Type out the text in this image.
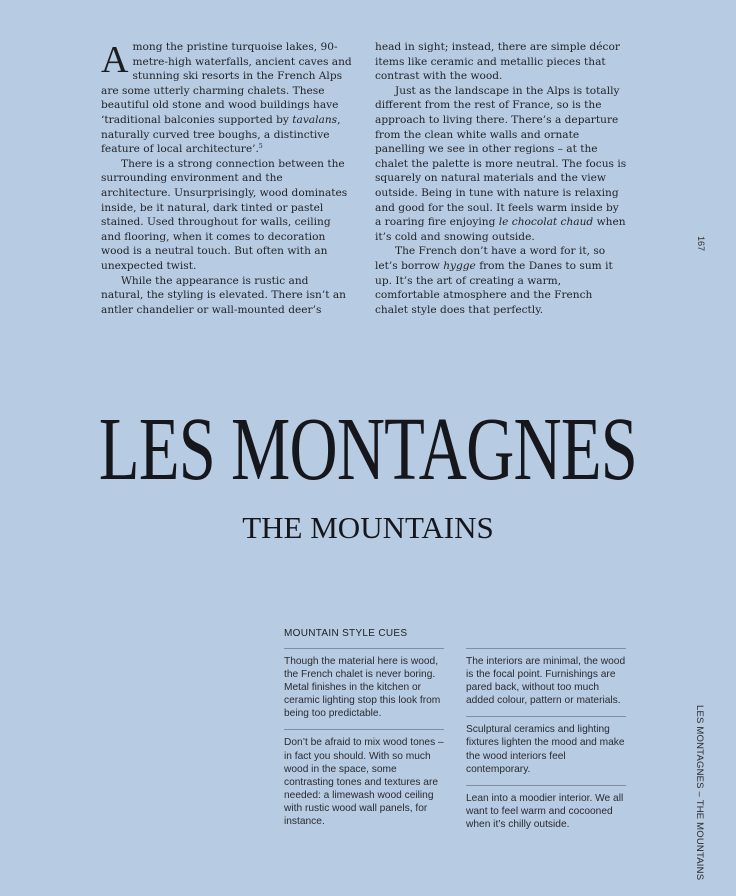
Among the pristine turquoise lakes, 90-metre-high waterfalls, ancient caves and stunning ski resorts in the French Alps are some utterly charming chalets. These beautiful old stone and wood buildings have ‘traditional balconies supported by tavalans, naturally curved tree boughs, a distinctive feature of local architecture’.$^5$

There is a strong connection between the surrounding environment and the architecture. Unsurprisingly, wood dominates inside, be it natural, dark tinted or pastel stained. Used throughout for walls, ceiling and flooring, when it comes to decoration wood is a neutral touch. But often with an unexpected twist.

While the appearance is rustic and natural, the styling is elevated. There isn’t an antler chandelier or wall-mounted deer’s

head in sight; instead, there are simple décor items like ceramic and metallic pieces that contrast with the wood.

Just as the landscape in the Alps is totally different from the rest of France, so is the approach to living there. There’s a departure from the clean white walls and ornate panelling we see in other regions – at the chalet the palette is more neutral. The focus is squarely on natural materials and the view outside. Being in tune with nature is relaxing and good for the soul. It feels warm inside by a roaring fire enjoying le chocolat chaud when it’s cold and snowing outside.

The French don’t have a word for it, so let’s borrow hygge from the Danes to sum it up. It’s the art of creating a warm, comfortable atmosphere and the French chalet style does that perfectly.

167
LES MONTAGNES
THE MOUNTAINS
MOUNTAIN STYLE CUES
Though the material here is wood, the French chalet is never boring. Metal finishes in the kitchen or ceramic lighting stop this look from being too predictable.
Don’t be afraid to mix wood tones – in fact you should. With so much wood in the space, some contrasting tones and textures are needed: a limewash wood ceiling with rustic wood wall panels, for instance.
The interiors are minimal, the wood is the focal point. Furnishings are pared back, without too much added colour, pattern or materials.
Sculptural ceramics and lighting fixtures lighten the mood and make the wood interiors feel contemporary.
Lean into a moodier interior. We all want to feel warm and cocooned when it’s chilly outside.	LES MONTAGNES – THE MOUNTAINS
